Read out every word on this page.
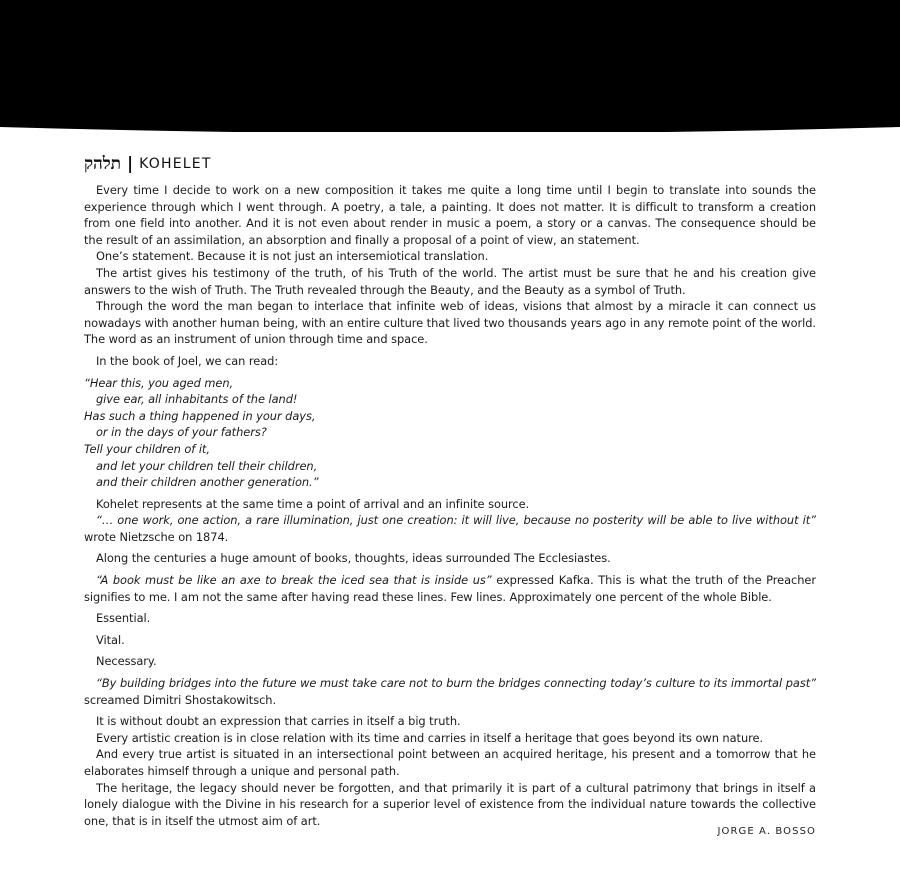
תלהק | KOHELET

Every time I decide to work on a new composition it takes me quite a long time until I begin to translate into sounds the experience through which I went through. A poetry, a tale, a painting. It does not matter. It is difficult to transform a creation from one field into another. And it is not even about render in music a poem, a story or a canvas. The consequence should be the result of an assimilation, an absorption and finally a proposal of a point of view, an statement.

One’s statement. Because it is not just an intersemiotical translation.

The artist gives his testimony of the truth, of his Truth of the world. The artist must be sure that he and his creation give answers to the wish of Truth. The Truth revealed through the Beauty, and the Beauty as a symbol of Truth.

Through the word the man began to interlace that infinite web of ideas, visions that almost by a miracle it can connect us nowadays with another human being, with an entire culture that lived two thousands years ago in any remote point of the world. The word as an instrument of union through time and space.

In the book of Joel, we can read:

“Hear this, you aged men,
give ear, all inhabitants of the land!
Has such a thing happened in your days,
or in the days of your fathers?
Tell your children of it,
and let your children tell their children,
and their children another generation.”

Kohelet represents at the same time a point of arrival and an infinite source.

“… one work, one action, a rare illumination, just one creation: it will live, because no posterity will be able to live without it” wrote Nietzsche on 1874.

Along the centuries a huge amount of books, thoughts, ideas surrounded The Ecclesiastes.

“A book must be like an axe to break the iced sea that is inside us” expressed Kafka. This is what the truth of the Preacher signifies to me. I am not the same after having read these lines. Few lines. Approximately one percent of the whole Bible.

Essential.

Vital.

Necessary.

“By building bridges into the future we must take care not to burn the bridges connecting today’s culture to its immortal past” screamed Dimitri Shostakowitsch.

It is without doubt an expression that carries in itself a big truth.

Every artistic creation is in close relation with its time and carries in itself a heritage that goes beyond its own nature.

And every true artist is situated in an intersectional point between an acquired heritage, his present and a tomorrow that he elaborates himself through a unique and personal path.

The heritage, the legacy should never be forgotten, and that primarily it is part of a cultural patrimony that brings in itself a lonely dialogue with the Divine in his research for a superior level of existence from the individual nature towards the collective one, that is in itself the utmost aim of art.

JORGE A. BOSSO
